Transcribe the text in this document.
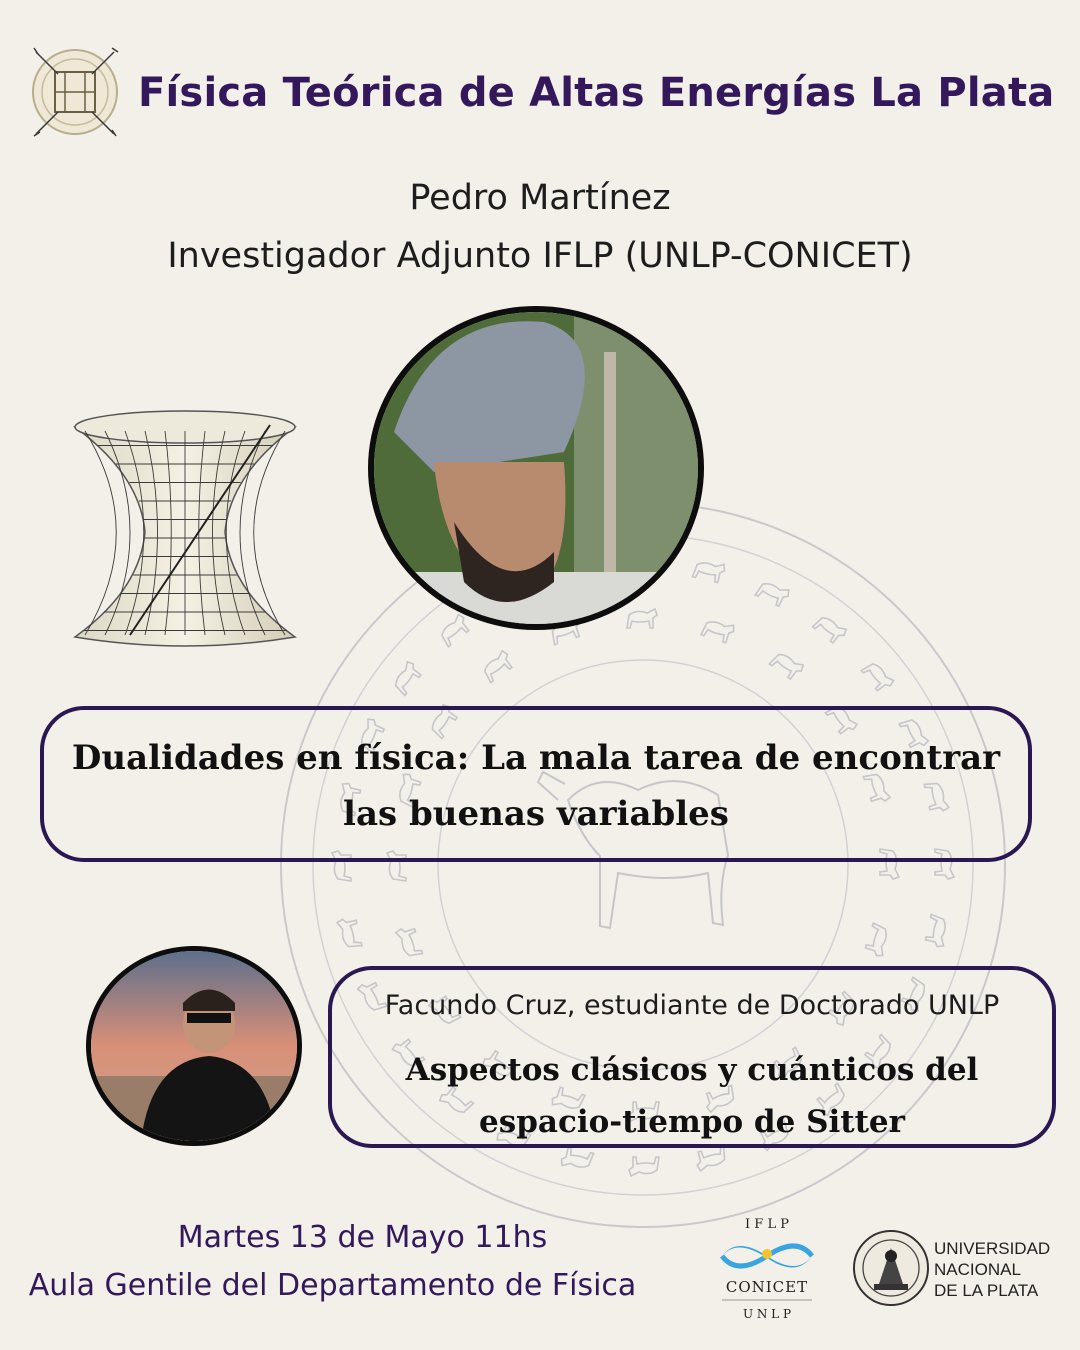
Física Teórica de Altas Energías La Plata
Pedro Martínez
Investigador Adjunto IFLP (UNLP-CONICET)
Dualidades en física: La mala tarea de encontrar las buenas variables
Facundo Cruz, estudiante de Doctorado UNLP
Aspectos clásicos y cuánticos del espacio-tiempo de Sitter
Martes 13 de Mayo 11hs
Aula Gentile del Departamento de Física
I F L P
CONICET
U N L P
UNIVERSIDAD
NACIONAL
DE LA PLATA
